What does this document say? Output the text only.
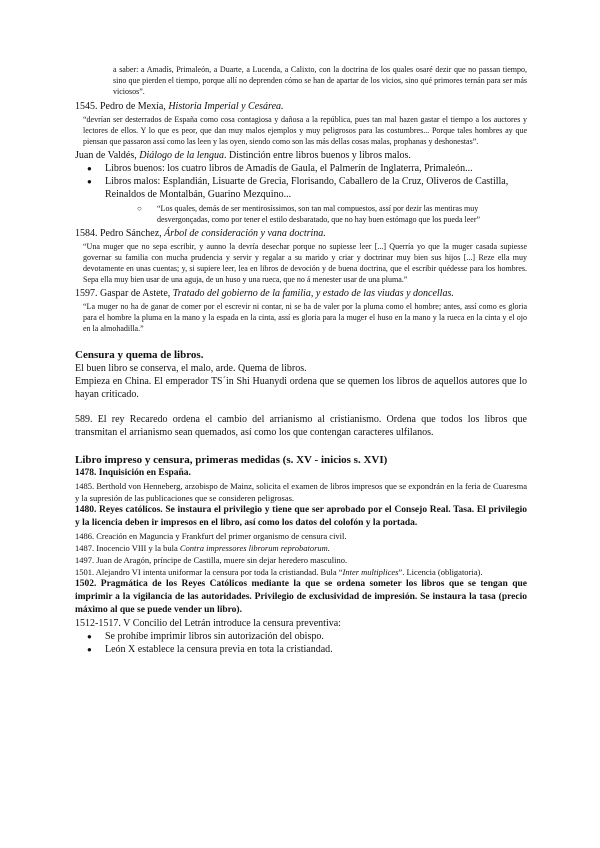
a saber: a Amadís, Primaleón, a Duarte, a Lucenda, a Calixto, con la doctrina de los quales osaré dezir que no passan tiempo, sino que pierden el tiempo, porque allí no deprenden cómo se han de apartar de los vicios, sino qué primores ternán para ser más viciosos”.

1545. Pedro de Mexía, Historia Imperial y Cesárea.

“devrían ser desterrados de España como cosa contagiosa y dañosa a la república, pues tan mal hazen gastar el tiempo a los auctores y lectores de ellos. Y lo que es peor, que dan muy malos ejemplos y muy peligrosos para las costumbres... Porque tales hombres ay que piensan que passaron assí como las leen y las oyen, siendo como son las más dellas cosas malas, prophanas y deshonestas”.

Juan de Valdés, Diálogo de la lengua. Distinción entre libros buenos y libros malos.

● Libros buenos: los cuatro libros de Amadís de Gaula, el Palmerín de Inglaterra, Primaleón...
● Libros malos: Esplandián, Lisuarte de Grecia, Florisando, Caballero de la Cruz, Oliveros de Castilla, Reinaldos de Montalbán, Guarino Mezquino...
○ “Los quales, demás de ser mentirosíssimos, son tan mal compuestos, assí por dezir las mentiras muy desvergonçadas, como por tener el estilo desbaratado, que no hay buen estómago que los pueda leer”

1584. Pedro Sánchez, Árbol de consideración y vana doctrina.

“Una muger que no sepa escribir, y aunno la devría desechar porque no supiesse leer [...] Querría yo que la muger casada supiesse governar su familia con mucha prudencia y servir y regalar a su marido y criar y doctrinar muy bien sus hijos [...] Reze ella muy devotamente en unas cuentas; y, si supiere leer, lea en libros de devoción y de buena doctrina, que el escribir quédesse para los hombres. Sepa ella muy bien usar de una aguja, de un huso y una rueca, que no á menester usar de una pluma.”

1597. Gaspar de Astete, Tratado del gobierno de la familia, y estado de las viudas y doncellas.

“La muger no ha de ganar de comer por el escrevir ni contar, ni se ha de valer por la pluma como el hombre; antes, assí como es gloria para el hombre la pluma en la mano y la espada en la cinta, assí es gloria para la muger el huso en la mano y la rueca en la cinta y el ojo en la almohadilla.”

Censura y quema de libros.

El buen libro se conserva, el malo, arde. Quema de libros.

Empieza en China. El emperador TS´in Shi Huanydi ordena que se quemen los libros de aquellos autores que lo hayan criticado.

589. El rey Recaredo ordena el cambio del arrianismo al cristianismo. Ordena que todos los libros que transmitan el arrianismo sean quemados, así como los que contengan caracteres ulfilanos.

Libro impreso y censura, primeras medidas (s. XV - inicios s. XVI)

1478. Inquisición en España.

1485. Berthold von Henneberg, arzobispo de Mainz, solicita el examen de libros impresos que se expondrán en la feria de Cuaresma y la supresión de las publicaciones que se consideren peligrosas.

1480. Reyes católicos. Se instaura el privilegio y tiene que ser aprobado por el Consejo Real. Tasa. El privilegio y la licencia deben ir impresos en el libro, así como los datos del colofón y la portada.

1486. Creación en Maguncia y Frankfurt del primer organismo de censura civil.

1487. Inocencio VIII y la bula Contra impressores librorum reprobatorum.

1497. Juan de Aragón, príncipe de Castilla, muere sin dejar heredero masculino.

1501. Alejandro VI intenta uniformar la censura por toda la cristiandad. Bula “Inter multiplices”. Licencia (obligatoria).

1502. Pragmática de los Reyes Católicos mediante la que se ordena someter los libros que se tengan que imprimir a la vigilancia de las autoridades. Privilegio de exclusividad de impresión. Se instaura la tasa (precio máximo al que se puede vender un libro).

1512-1517. V Concilio del Letrán introduce la censura preventiva:

● Se prohíbe imprimir libros sin autorización del obispo.
● León X establece la censura previa en tota la cristiandad.
